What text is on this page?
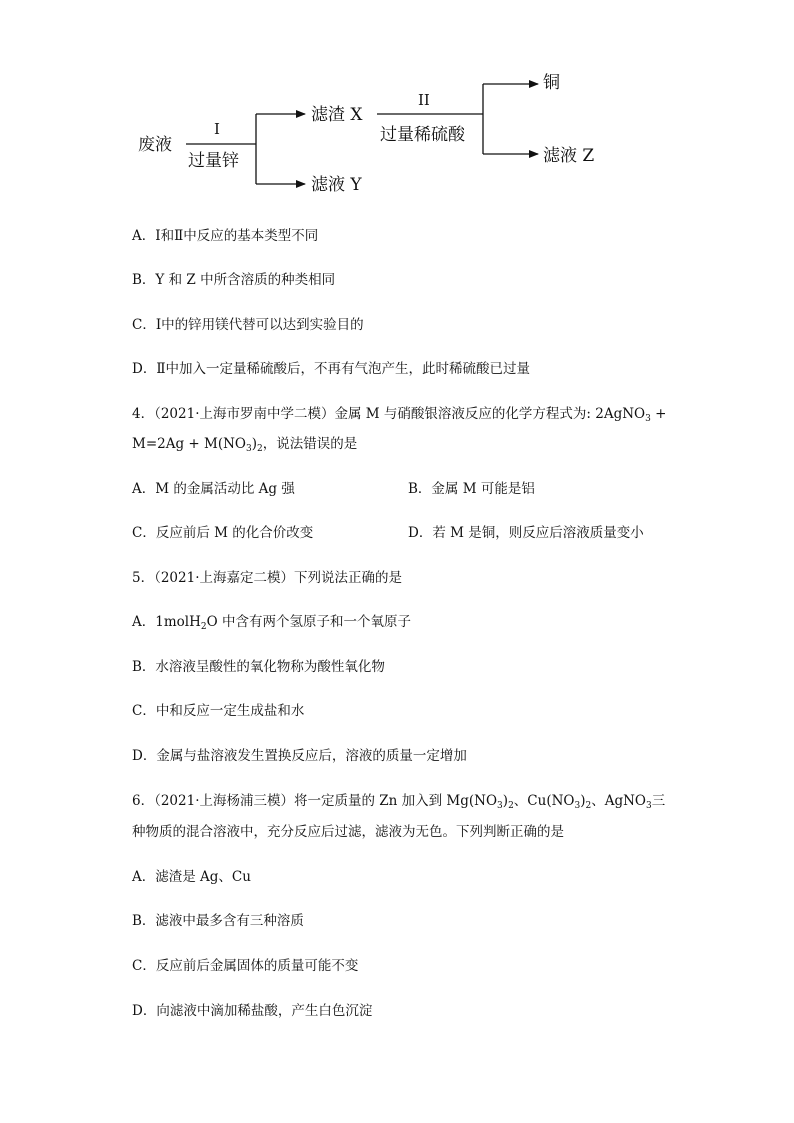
废液
I
过量锌
滤渣 X
滤液 Y
II
过量稀硫酸
铜
滤液 Z
A．Ⅰ和Ⅱ中反应的基本类型不同
B．Y 和 Z 中所含溶质的种类相同
C．Ⅰ中的锌用镁代替可以达到实验目的
D．Ⅱ中加入一定量稀硫酸后，不再有气泡产生，此时稀硫酸已过量
4．（2021·上海市罗南中学二模）金属 M 与硝酸银溶液反应的化学方程式为: 2AgNO$_3$ +
$M=2Ag + M(NO_3)_2$，说法错误的是
A．M 的金属活动比 Ag 强	B．金属 M 可能是铝
C．反应前后 M 的化合价改变	D．若 M 是铜，则反应后溶液质量变小
5．（2021·上海嘉定二模）下列说法正确的是
A．1molH$_2$O 中含有两个氢原子和一个氧原子
B．水溶液呈酸性的氧化物称为酸性氧化物
C．中和反应一定生成盐和水
D．金属与盐溶液发生置换反应后，溶液的质量一定增加
6．（2021·上海杨浦三模）将一定质量的 Zn 加入到 $Mg(NO_3)_2$、$Cu(NO_3)_2$、AgNO$_3$三
种物质的混合溶液中，充分反应后过滤，滤液为无色。下列判断正确的是
A．滤渣是 Ag、Cu
B．滤液中最多含有三种溶质
C．反应前后金属固体的质量可能不变
D．向滤液中滴加稀盐酸，产生白色沉淀
